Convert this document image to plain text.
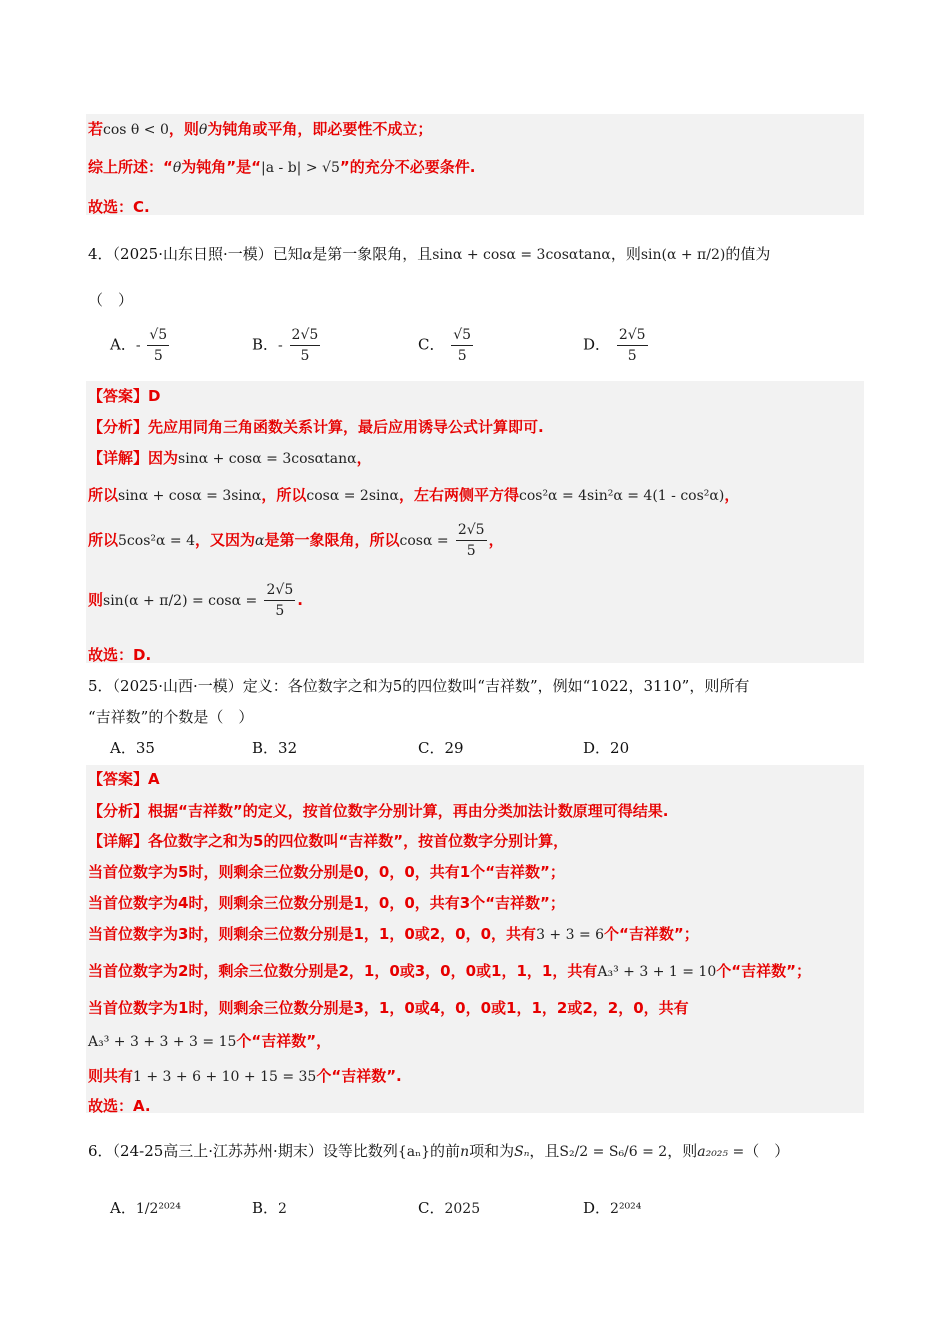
若cos θ < 0，则θ为钝角或平角，即必要性不成立；
综上所述：“θ为钝角”是“|a - b| > √5”的充分不必要条件.
故选：C.
4．（2025·山东日照·一模）已知α是第一象限角，且sinα + cosα = 3cosαtanα，则sin(α + π/2)的值为
（　）
A．- $\frac{√5}{5}$	B．- $\frac{2√5}{5}$	C． $\frac{√5}{5}$	D． $\frac{2√5}{5}$
【答案】D
【分析】先应用同角三角函数关系计算，最后应用诱导公式计算即可.
【详解】因为sinα + cosα = 3cosαtanα，
所以sinα + cosα = 3sinα，所以cosα = 2sinα，左右两侧平方得cos²α = 4sin²α = 4(1 - cos²α)，
所以5cos²α = 4，又因为α是第一象限角，所以$\cos\alpha = \frac{2√5}{5}$ ，
则$\sin(\alpha + \pi/2) = \cos\alpha = \frac{2√5}{5}$ .
故选：D.
5．（2025·山西·一模）定义：各位数字之和为5的四位数叫“吉祥数”，例如“1022，3110”，则所有
“吉祥数”的个数是（　）
A．35	B．32	C．29	D．20
【答案】A
【分析】根据“吉祥数”的定义，按首位数字分别计算，再由分类加法计数原理可得结果.
【详解】各位数字之和为5的四位数叫“吉祥数”，按首位数字分别计算，
当首位数字为5时，则剩余三位数分别是0，0，0，共有1个“吉祥数”；
当首位数字为4时，则剩余三位数分别是1，0，0，共有3个“吉祥数”；
当首位数字为3时，则剩余三位数分别是1，1，0或2，0，0，共有3 + 3 = 6个“吉祥数”；
当首位数字为2时，剩余三位数分别是2，1，0或3，0，0或1，1，1，共有A₃³ + 3 + 1 = 10个“吉祥数”；
当首位数字为1时，则剩余三位数分别是3，1，0或4，0，0或1，1，2或2，2，0，共有
A₃³ + 3 + 3 + 3 = 15个“吉祥数”，
则共有1 + 3 + 6 + 10 + 15 = 35个“吉祥数”.
故选：A.
6．（24-25高三上·江苏苏州·期末）设等比数列{aₙ}的前n项和为Sₙ，且S₂/2 = S₆/6 = 2，则a₂₀₂₅ =（　）
A．1/2²⁰²⁴	B．2	C．2025	D．2²⁰²⁴
